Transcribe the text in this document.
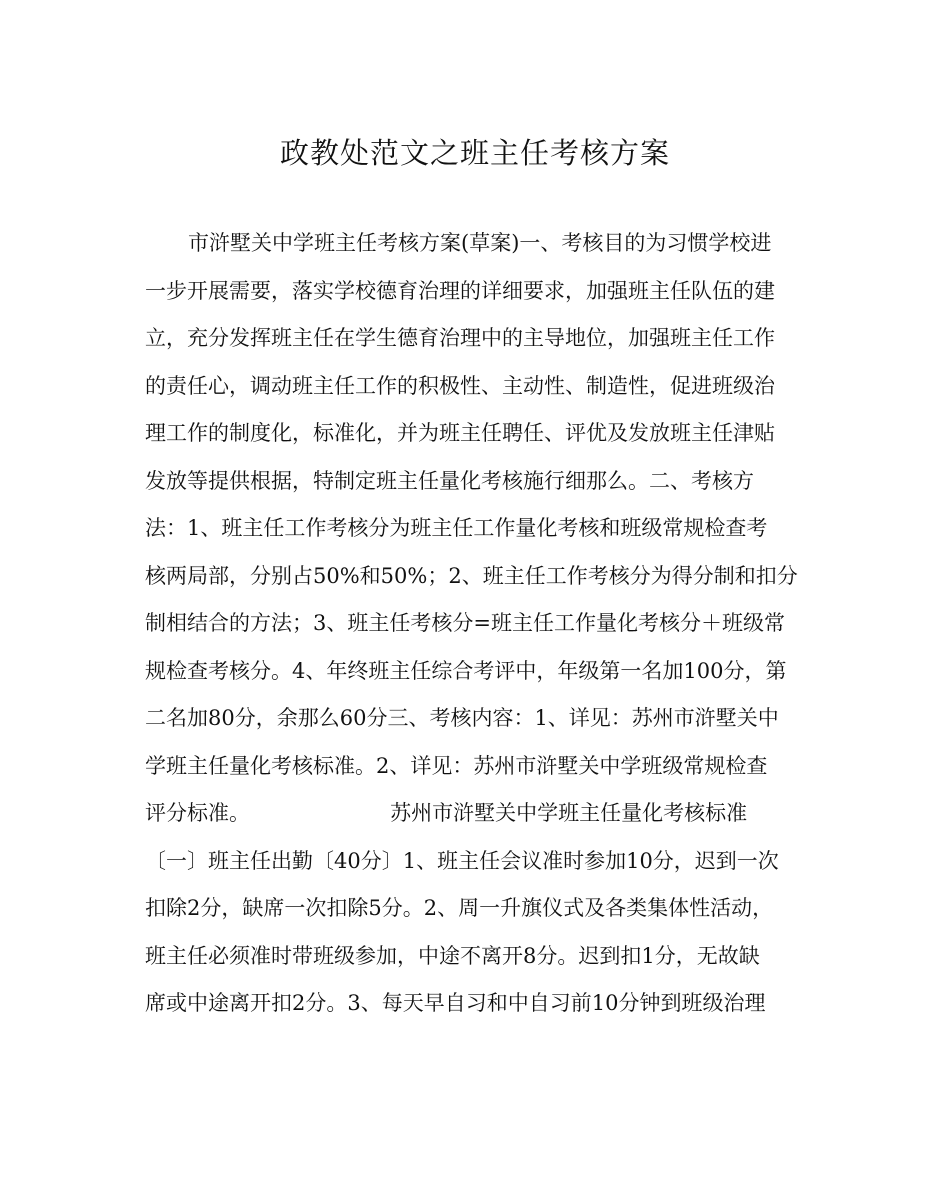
政教处范文之班主任考核方案
市浒墅关中学班主任考核方案(草案)一、考核目的为习惯学校进
一步开展需要，落实学校德育治理的详细要求，加强班主任队伍的建
立，充分发挥班主任在学生德育治理中的主导地位，加强班主任工作
的责任心，调动班主任工作的积极性、主动性、制造性，促进班级治
理工作的制度化，标准化，并为班主任聘任、评优及发放班主任津贴
发放等提供根据，特制定班主任量化考核施行细那么。二、考核方
法：1、班主任工作考核分为班主任工作量化考核和班级常规检查考
核两局部，分别占50%和50%；2、班主任工作考核分为得分制和扣分
制相结合的方法；3、班主任考核分=班主任工作量化考核分＋班级常
规检查考核分。4、年终班主任综合考评中，年级第一名加100分，第
二名加80分，余那么60分三、考核内容：1、详见：苏州市浒墅关中
学班主任量化考核标准。2、详见：苏州市浒墅关中学班级常规检查
评分标准。                     苏州市浒墅关中学班主任量化考核标准
〔一〕班主任出勤〔40分〕1、班主任会议准时参加10分，迟到一次
扣除2分，缺席一次扣除5分。2、周一升旗仪式及各类集体性活动，
班主任必须准时带班级参加，中途不离开8分。迟到扣1分，无故缺
席或中途离开扣2分。3、每天早自习和中自习前10分钟到班级治理
